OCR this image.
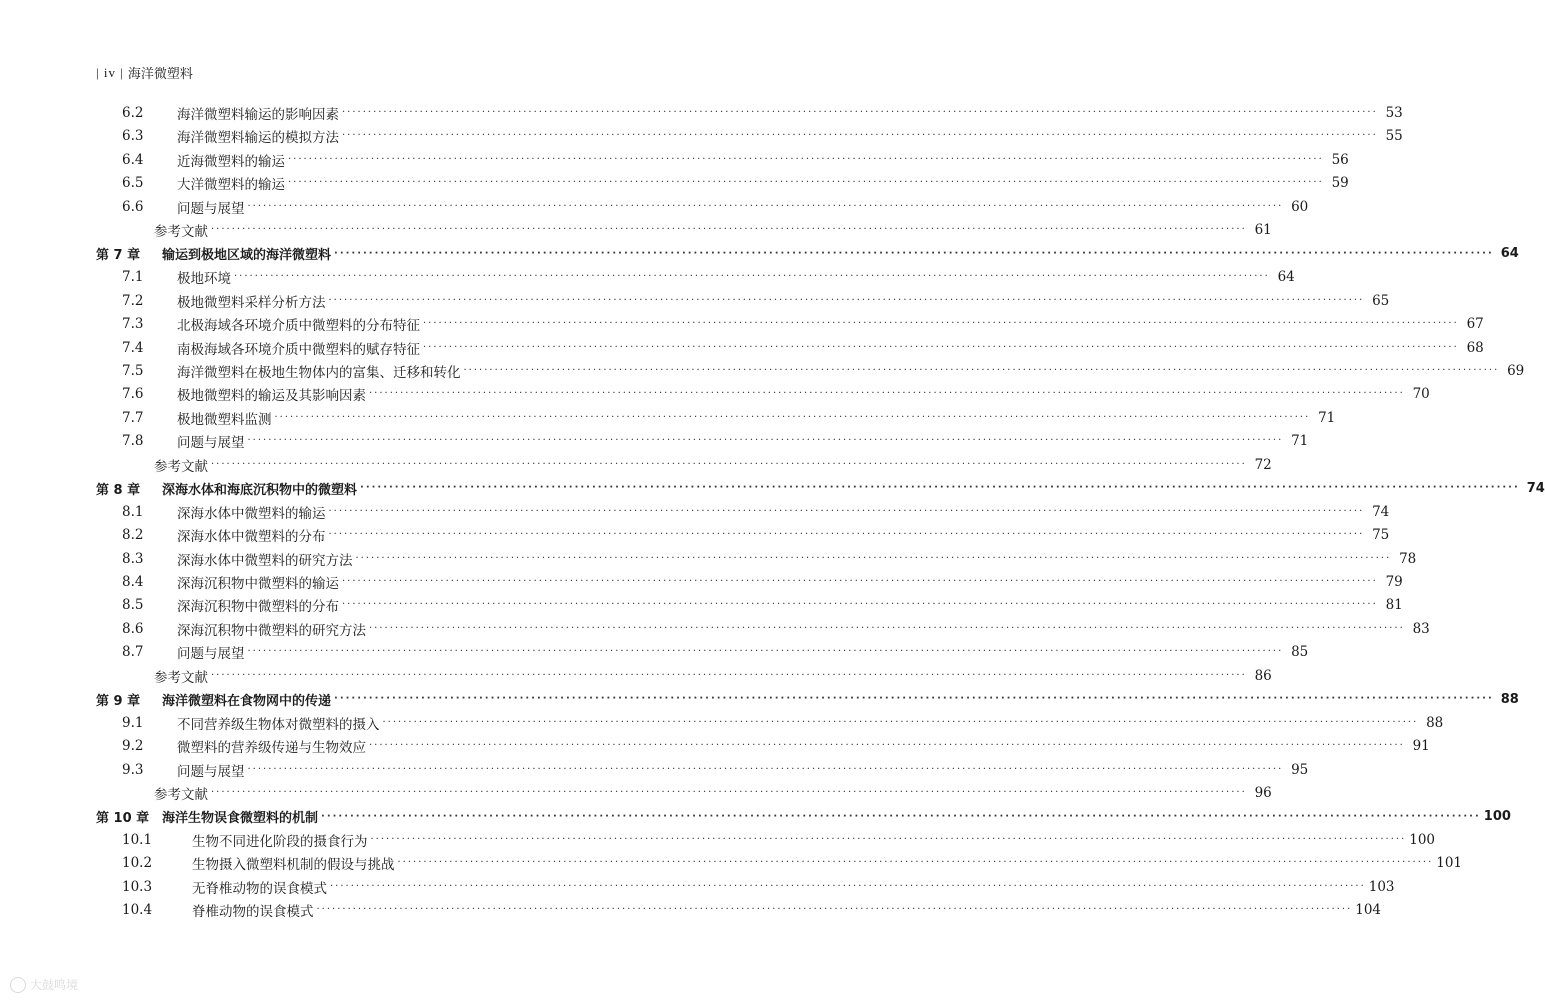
| iv | 海洋微塑料
6.2	海洋微塑料输运的影响因素 ········································································································································································································ 53
6.3	海洋微塑料输运的模拟方法 ········································································································································································································ 55
6.4	近海微塑料的输运 ········································································································································································································ 56
6.5	大洋微塑料的输运 ········································································································································································································ 59
6.6	问题与展望 ········································································································································································································ 60
参考文献 ········································································································································································································ 61
第 7 章	输运到极地区域的海洋微塑料 ········································································································································································································ 64
7.1	极地环境 ········································································································································································································ 64
7.2	极地微塑料采样分析方法 ········································································································································································································ 65
7.3	北极海域各环境介质中微塑料的分布特征 ········································································································································································································ 67
7.4	南极海域各环境介质中微塑料的赋存特征 ········································································································································································································ 68
7.5	海洋微塑料在极地生物体内的富集、迁移和转化 ········································································································································································································ 69
7.6	极地微塑料的输运及其影响因素 ········································································································································································································ 70
7.7	极地微塑料监测 ········································································································································································································ 71
7.8	问题与展望 ········································································································································································································ 71
参考文献 ········································································································································································································ 72
第 8 章	深海水体和海底沉积物中的微塑料 ········································································································································································································ 74
8.1	深海水体中微塑料的输运 ········································································································································································································ 74
8.2	深海水体中微塑料的分布 ········································································································································································································ 75
8.3	深海水体中微塑料的研究方法 ········································································································································································································ 78
8.4	深海沉积物中微塑料的输运 ········································································································································································································ 79
8.5	深海沉积物中微塑料的分布 ········································································································································································································ 81
8.6	深海沉积物中微塑料的研究方法 ········································································································································································································ 83
8.7	问题与展望 ········································································································································································································ 85
参考文献 ········································································································································································································ 86
第 9 章	海洋微塑料在食物网中的传递 ········································································································································································································ 88
9.1	不同营养级生物体对微塑料的摄入 ········································································································································································································ 88
9.2	微塑料的营养级传递与生物效应 ········································································································································································································ 91
9.3	问题与展望 ········································································································································································································ 95
参考文献 ········································································································································································································ 96
第 10 章 海洋生物误食微塑料的机制 ········································································································································································································ 100
10.1	生物不同进化阶段的摄食行为 ········································································································································································································ 100
10.2	生物摄入微塑料机制的假设与挑战 ········································································································································································································ 101
10.3	无脊椎动物的误食模式 ········································································································································································································ 103
10.4	脊椎动物的误食模式 ········································································································································································································ 104
大鼓鸣境
